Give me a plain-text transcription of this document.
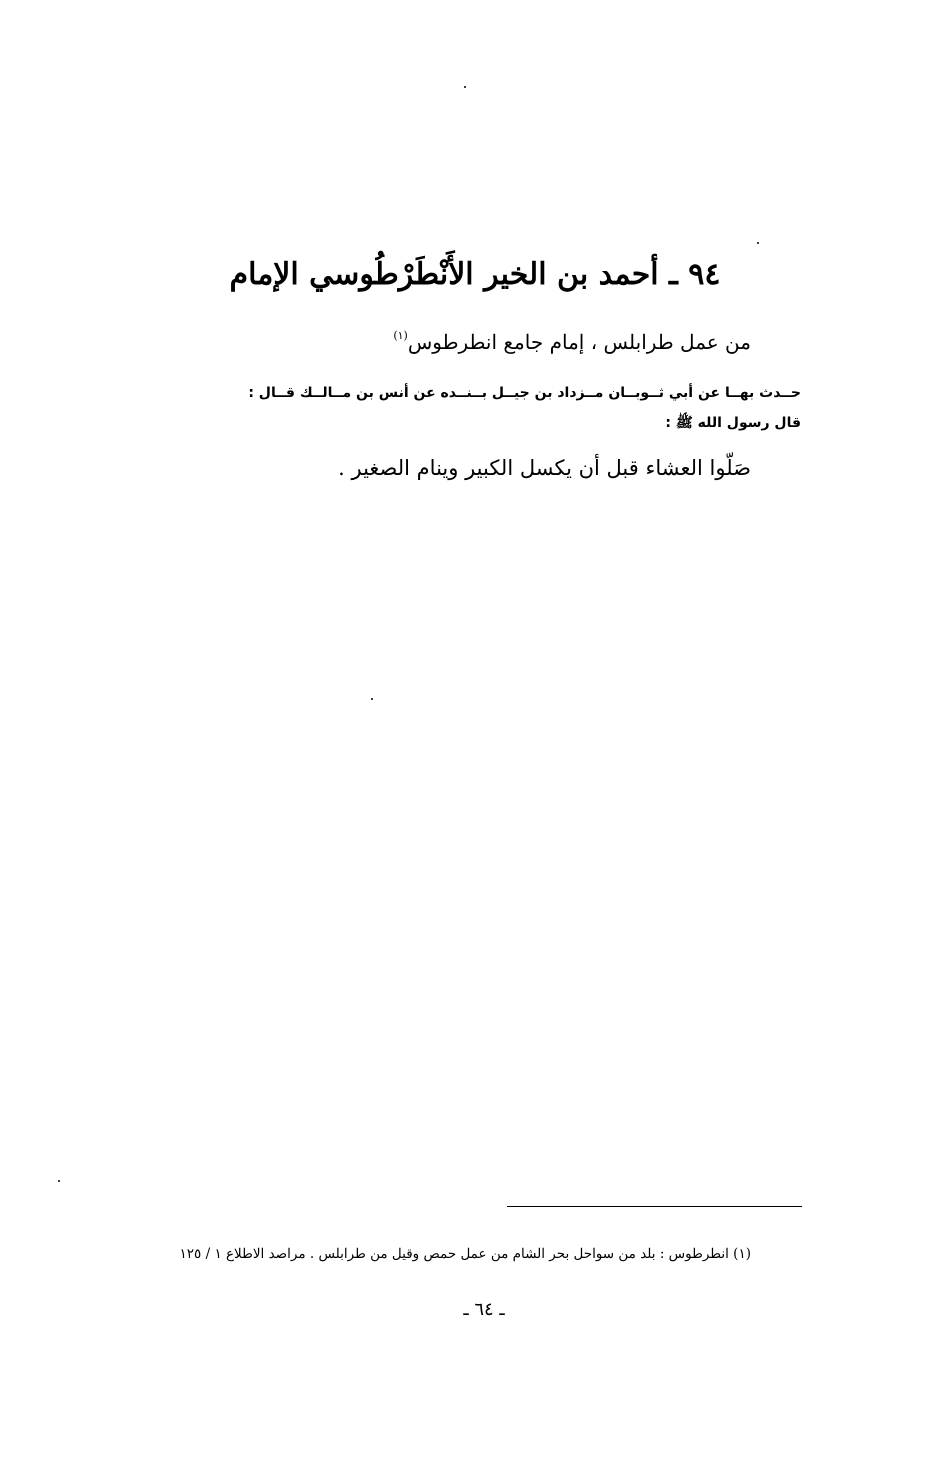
٩٤ ـ أحمد بن الخير الأَنْطَرْطُوسي الإمام
من عمل طرابلس ، إمام جامع انطرطوس$^{(١)}$
حــدث بهــا عن أبي ثــوبــان مــزداد بن جيــل بــنــده عن أنس بن مــالــك قــال :
قال رسول الله ﷺ :
صَلّوا العشاء قبل أن يكسل الكبير وينام الصغير .
(١) انطرطوس : بلد من سواحل بحر الشام من عمل حمص وقيل من طرابلس . مراصد الاطلاع ١ / ١٢٥
ـ ٦٤ ـ
